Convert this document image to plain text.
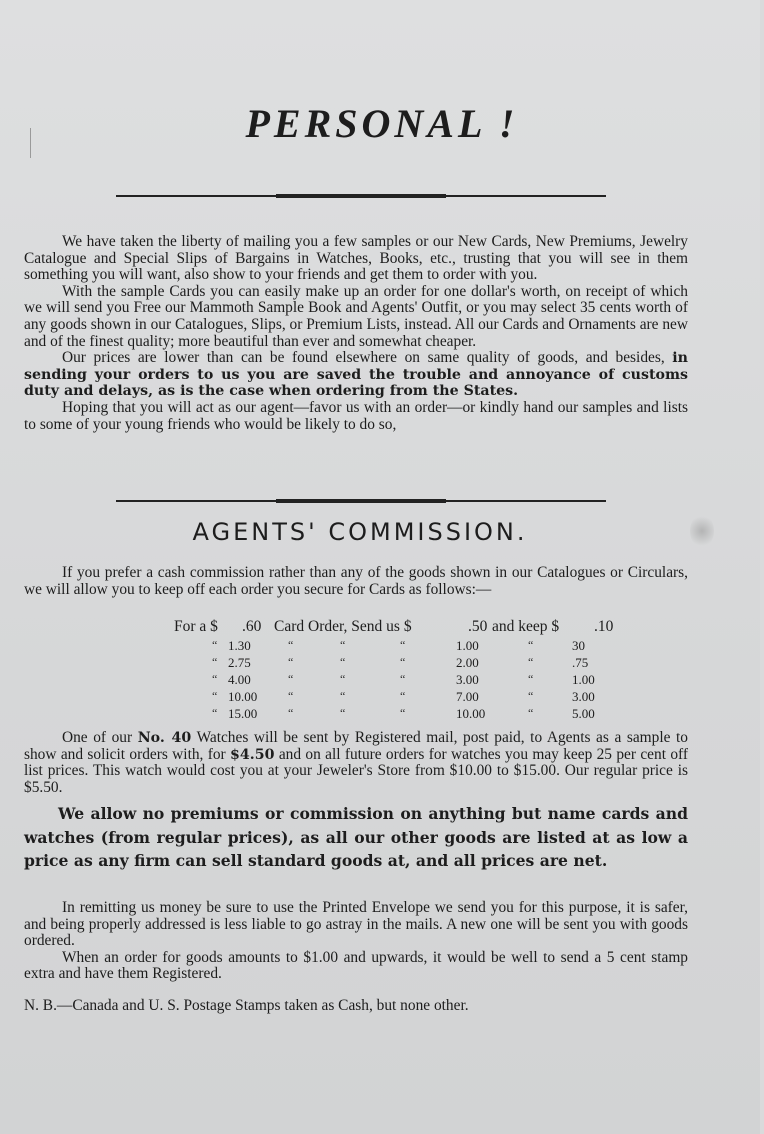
PERSONAL !

We have taken the liberty of mailing you a few samples or our New Cards, New Premiums, Jewelry Catalogue and Special Slips of Bargains in Watches, Books, etc., trusting that you will see in them something you will want, also show to your friends and get them to order with you.

With the sample Cards you can easily make up an order for one dollar's worth, on receipt of which we will send you Free our Mammoth Sample Book and Agents' Outfit, or you may select 35 cents worth of any goods shown in our Catalogues, Slips, or Premium Lists, instead. All our Cards and Ornaments are new and of the finest quality; more beautiful than ever and somewhat cheaper.

Our prices are lower than can be found elsewhere on same quality of goods, and besides, in sending your orders to us you are saved the trouble and annoyance of customs duty and delays, as is the case when ordering from the States.

Hoping that you will act as our agent—favor us with an order—or kindly hand our samples and lists to some of your young friends who would be likely to do so,

AGENTS' COMMISSION.

If you prefer a cash commission rather than any of the goods shown in our Catalogues or Circulars, we will allow you to keep off each order you secure for Cards as follows:—

For a $ .60 Card Order, Send us $	.50 and keep $ .10
“ 1.30	“	“	“	1.00	“	30
“ 2.75	“	“	“	2.00	“	.75
“ 4.00	“	“	“	3.00	“	1.00
“ 10.00	“	“	“	7.00	“	3.00
“ 15.00	“	“	“	10.00	“	5.00

One of our No. 40 Watches will be sent by Registered mail, post paid, to Agents as a sample to show and solicit orders with, for $4.50 and on all future orders for watches you may keep 25 per cent off list prices. This watch would cost you at your Jeweler's Store from $10.00 to $15.00. Our regular price is $5.50.

We allow no premiums or commission on anything but name cards and watches (from regular prices), as all our other goods are listed at as low a price as any firm can sell standard goods at, and all prices are net.

In remitting us money be sure to use the Printed Envelope we send you for this purpose, it is safer, and being properly addressed is less liable to go astray in the mails. A new one will be sent you with goods ordered.

When an order for goods amounts to $1.00 and upwards, it would be well to send a 5 cent stamp extra and have them Registered.

N. B.—Canada and U. S. Postage Stamps taken as Cash, but none other.
